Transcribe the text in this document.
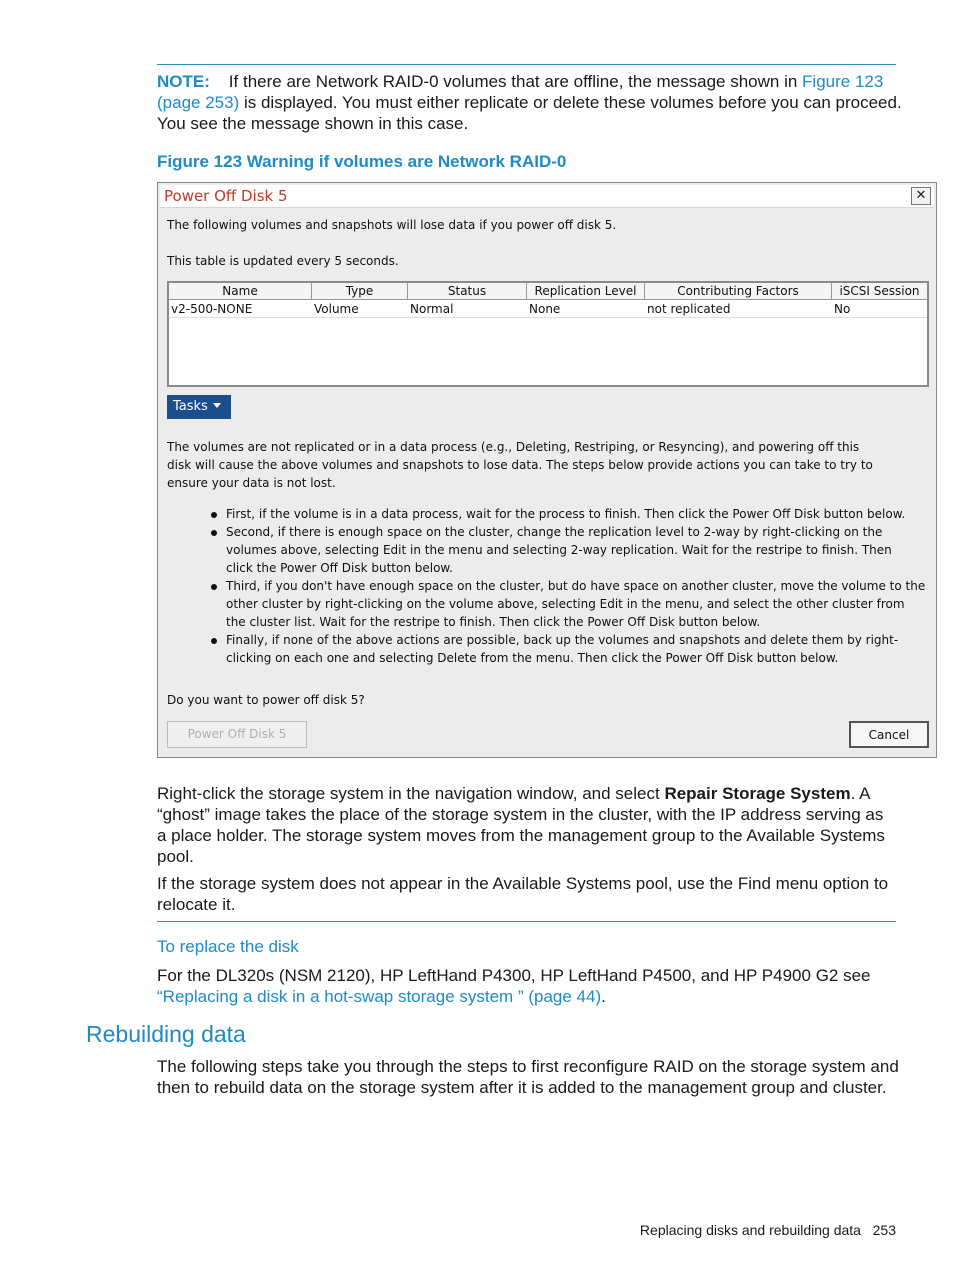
NOTE: If there are Network RAID-0 volumes that are offline, the message shown in Figure 123 (page 253) is displayed. You must either replicate or delete these volumes before you can proceed. You see the message shown in this case.
Figure 123 Warning if volumes are Network RAID-0
Power Off Disk 5	✕
The following volumes and snapshots will lose data if you power off disk 5.
This table is updated every 5 seconds.
Name	Type	Status	Replication Level	Contributing Factors	iSCSI Session
v2-500-NONE	Volume	Normal	None	not replicated	No
Tasks
The volumes are not replicated or in a data process (e.g., Deleting, Restriping, or Resyncing), and powering off this
disk will cause the above volumes and snapshots to lose data. The steps below provide actions you can take to try to
ensure your data is not lost.
First, if the volume is in a data process, wait for the process to finish. Then click the Power Off Disk button below.
Second, if there is enough space on the cluster, change the replication level to 2-way by right-clicking on the volumes above, selecting Edit in the menu and selecting 2-way replication. Wait for the restripe to finish. Then click the Power Off Disk button below.
Third, if you don't have enough space on the cluster, but do have space on another cluster, move the volume to the other cluster by right-clicking on the volume above, selecting Edit in the menu, and select the other cluster from the cluster list. Wait for the restripe to finish. Then click the Power Off Disk button below.
Finally, if none of the above actions are possible, back up the volumes and snapshots and delete them by right-clicking on each one and selecting Delete from the menu. Then click the Power Off Disk button below.
Do you want to power off disk 5?
Power Off Disk 5	Cancel
Right-click the storage system in the navigation window, and select Repair Storage System. A “ghost” image takes the place of the storage system in the cluster, with the IP address serving as a place holder. The storage system moves from the management group to the Available Systems pool.
If the storage system does not appear in the Available Systems pool, use the Find menu option to relocate it.
To replace the disk
For the DL320s (NSM 2120), HP LeftHand P4300, HP LeftHand P4500, and HP P4900 G2 see “Replacing a disk in a hot-swap storage system ” (page 44).
Rebuilding data
The following steps take you through the steps to first reconfigure RAID on the storage system and then to rebuild data on the storage system after it is added to the management group and cluster.
Replacing disks and rebuilding data 253
